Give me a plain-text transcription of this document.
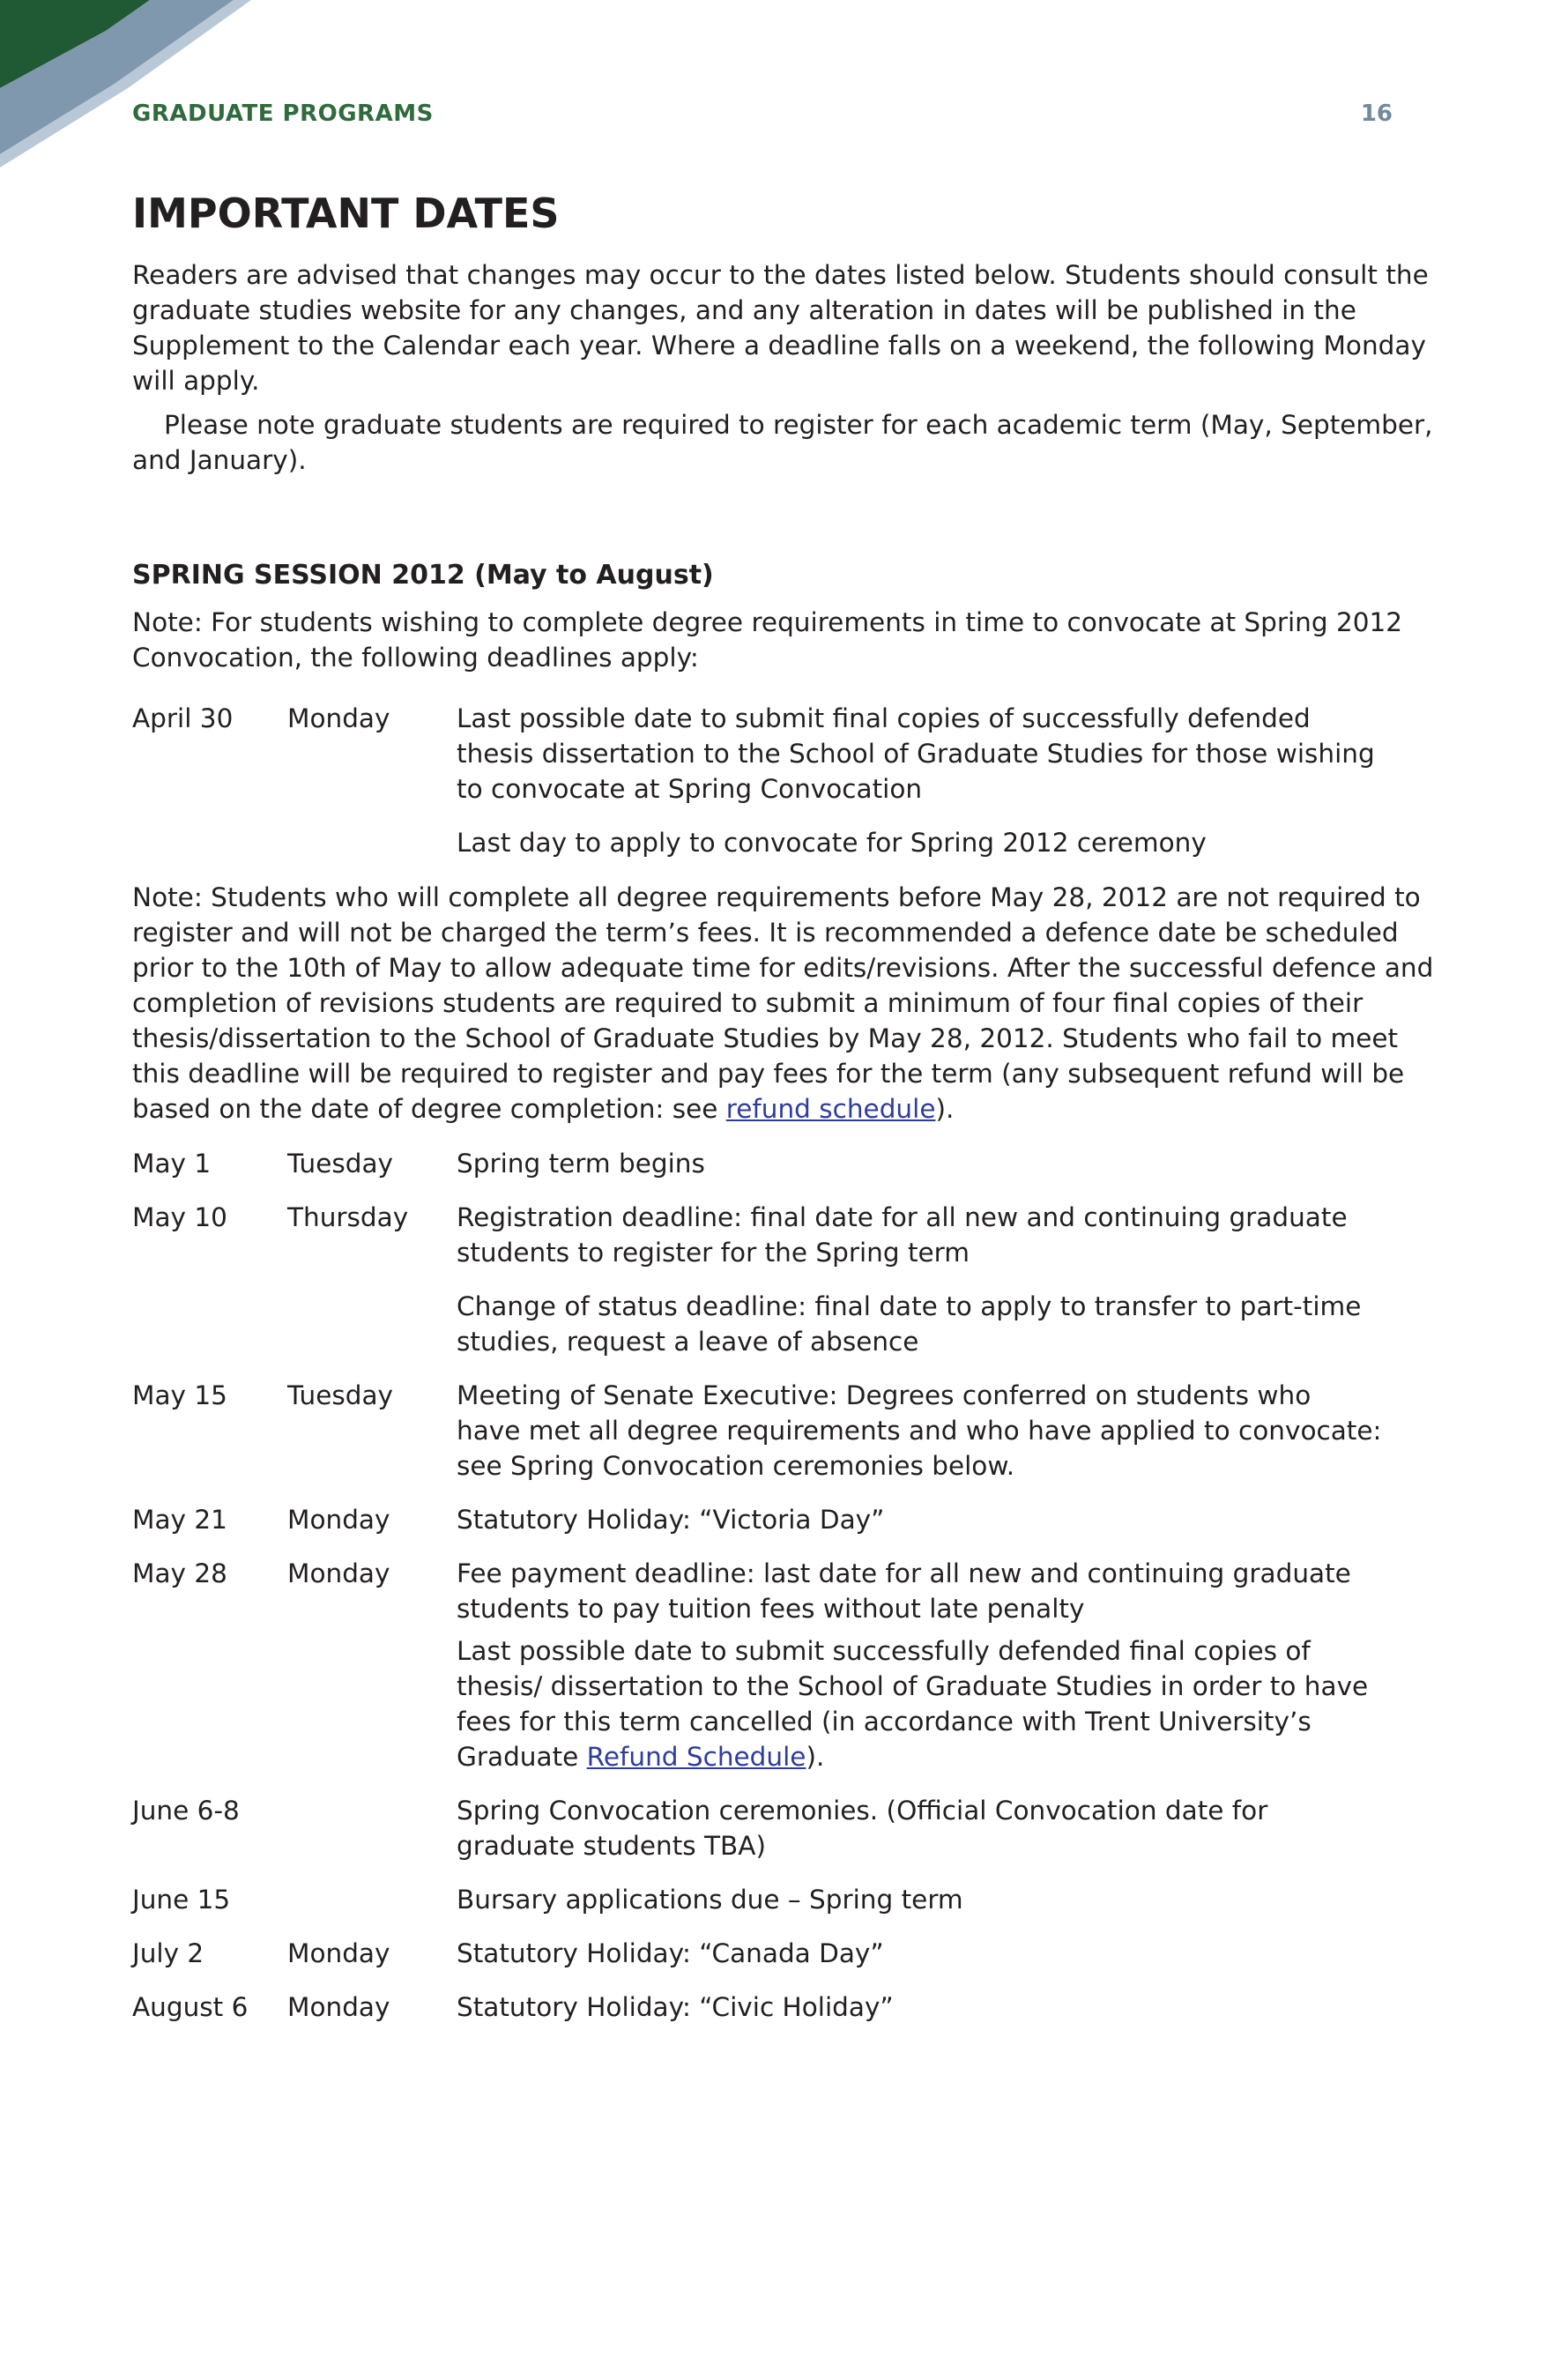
GRADUATE PROGRAMS	16
IMPORTANT DATES

Readers are advised that changes may occur to the dates listed below. Students should consult the graduate studies website for any changes, and any alteration in dates will be published in the Supplement to the Calendar each year. Where a deadline falls on a weekend, the following Monday will apply.

Please note graduate students are required to register for each academic term (May, September, and January).

SPRING SESSION 2012 (May to August)

Note: For students wishing to complete degree requirements in time to convocate at Spring 2012 Convocation, the following deadlines apply:

April 30	Monday	Last possible date to submit final copies of successfully defended thesis dissertation to the School of Graduate Studies for those wishing to convocate at Spring Convocation
Last day to apply to convocate for Spring 2012 ceremony

Note: Students who will complete all degree requirements before May 28, 2012 are not required to register and will not be charged the term’s fees. It is recommended a defence date be scheduled prior to the 10th of May to allow adequate time for edits/revisions. After the successful defence and completion of revisions students are required to submit a minimum of four final copies of their thesis/dissertation to the School of Graduate Studies by May 28, 2012. Students who fail to meet this deadline will be required to register and pay fees for the term (any subsequent refund will be based on the date of degree completion: see refund schedule).

May 1	Tuesday	Spring term begins
May 10	Thursday	Registration deadline: final date for all new and continuing graduate students to register for the Spring term
Change of status deadline: final date to apply to transfer to part-time studies, request a leave of absence
May 15	Tuesday	Meeting of Senate Executive: Degrees conferred on students who have met all degree requirements and who have applied to convocate: see Spring Convocation ceremonies below.
May 21	Monday	Statutory Holiday: “Victoria Day”
May 28	Monday	Fee payment deadline: last date for all new and continuing graduate students to pay tuition fees without late penalty
Last possible date to submit successfully defended final copies of thesis/ dissertation to the School of Graduate Studies in order to have fees for this term cancelled (in accordance with Trent University’s Graduate Refund Schedule).
June 6-8	Spring Convocation ceremonies. (Official Convocation date for graduate students TBA)
June 15	Bursary applications due – Spring term
July 2	Monday	Statutory Holiday: “Canada Day”
August 6	Monday	Statutory Holiday: “Civic Holiday”
